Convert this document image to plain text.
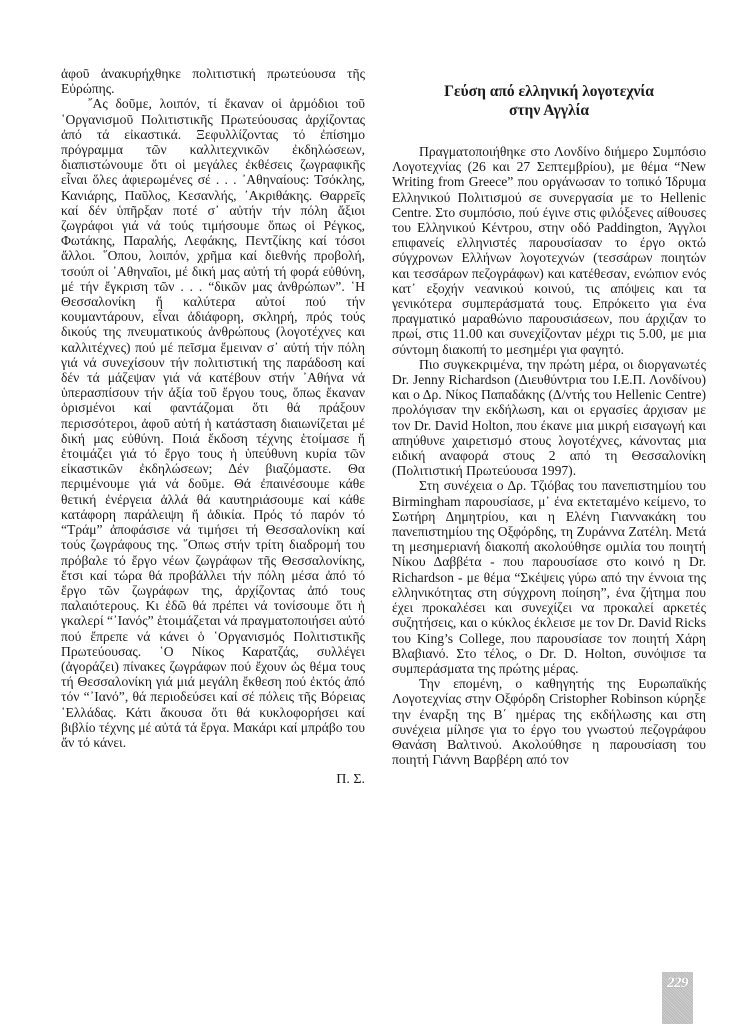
ἀφοῦ ἀνακυρήχθηκε πολιτιστική πρωτεύουσα τῆς Εὐρώπης.

῎Ας δοῦμε, λοιπόν, τί ἔκαναν οἱ ἁρμόδιοι τοῦ ῾Οργανισμοῦ Πολιτιστικῆς Πρωτεύουσας ἀρχίζοντας ἀπό τά εἰκαστικά. Ξεφυλλίζοντας τό ἐπίσημο πρόγραμμα τῶν καλλιτεχνικῶν ἐκδηλώσεων, διαπιστώνουμε ὅτι οἱ μεγάλες ἐκθέσεις ζωγραφικῆς εἶναι ὅλες ἀφιερωμένες σέ . . . ᾿Αθηναίους: Τσόκλης, Κανιάρης, Παῦλος, Κεσανλής, ᾿Ακριθάκης. Θαρρεῖς καί δέν ὑπῆρξαν ποτέ σ᾿ αὐτήν τήν πόλη ἄξιοι ζωγράφοι γιά νά τούς τιμήσουμε ὅπως οἱ Ρέγκος, Φωτάκης, Παραλής, Λεφάκης, Πεντζίκης καί τόσοι ἄλλοι. ῞Οπου, λοιπόν, χρῆμα καί διεθνής προβολή, τσούπ οἱ ᾿Αθηναῖοι, μέ δική μας αὐτή τή φορά εὐθύνη, μέ τήν ἔγκριση τῶν . . . “δικῶν μας ἀνθρώπων”. ῾Η Θεσσαλονίκη ἤ καλύτερα αὐτοί πού τήν κουμαντάρουν, εἶναι ἀδιάφορη, σκληρή, πρός τούς δικούς της πνευματικούς ἀνθρώπους (λογοτέχνες και καλλιτέχνες) πού μέ πεῖσμα ἔμειναν σ᾿ αὐτή τήν πόλη γιά νά συνεχίσουν τήν πολιτιστική της παράδοση καί δέν τά μάζεψαν γιά νά κατέβουν στήν ᾿Αθήνα νά ὑπερασπίσουν τήν ἀξία τοῦ ἔργου τους, ὅπως ἔκαναν ὁρισμένοι καί φαντάζομαι ὅτι θά πράξουν περισσότεροι, ἀφοῦ αὐτή ἡ κατάσταση διαιωνίζεται μέ δική μας εὐθύνη. Ποιά ἔκδοση τέχνης ἑτοίμασε ἤ ἑτοιμάζει γιά τό ἔργο τους ἡ ὑπεύθυνη κυρία τῶν εἰκαστικῶν ἐκδηλώσεων; Δέν βιαζόμαστε. Θα περιμένουμε γιά νά δοῦμε. Θά ἐπαινέσουμε κάθε θετική ἐνέργεια ἀλλά θά καυτηριάσουμε καί κάθε κατάφορη παράλειψη ἤ ἀδικία. Πρός τό παρόν τό “Τράμ” ἀποφάσισε νά τιμήσει τή Θεσσαλονίκη καί τούς ζωγράφους της. ῞Οπως στήν τρίτη διαδρομή του πρόβαλε τό ἔργο νέων ζωγράφων τῆς Θεσσαλονίκης, ἔτσι καί τώρα θά προβάλλει τήν πόλη μέσα ἀπό τό ἔργο τῶν ζωγράφων της, ἀρχίζοντας ἀπό τους παλαιότερους. Κι ἐδῶ θά πρέπει νά τονίσουμε ὅτι ἡ γκαλερί “᾿Ιανός” ἑτοιμάζεται νά πραγματοποιήσει αὐτό πού ἔπρεπε νά κάνει ὁ ῾Οργανισμός Πολιτιστικῆς Πρωτεύουσας. ῾Ο Νίκος Καρατζάς, συλλέγει (ἀγοράζει) πίνακες ζωγράφων πού ἔχουν ὡς θέμα τους τή Θεσσαλονίκη γιά μιά μεγάλη ἔκθεση πού ἐκτός ἀπό τόν “᾿Ιανό”, θά περιοδεύσει καί σέ πόλεις τῆς Βόρειας ῾Ελλάδας. Κάτι ἄκουσα ὅτι θά κυκλοφορήσει καί βιβλίο τέχνης μέ αὐτά τά ἔργα. Μακάρι καί μπράβο του ἄν τό κάνει.

Π. Σ.

Γεύση από ελληνική λογοτεχνία
στην Αγγλία

Πραγματοποιήθηκε στο Λονδίνο διήμερο Συμπόσιο Λογοτεχνίας (26 και 27 Σεπτεμβρίου), με θέμα “New Writing from Greece” που οργάνωσαν το τοπικό Ίδρυμα Ελληνικού Πολιτισμού σε συνεργασία με το Hellenic Centre. Στο συμπόσιο, πού έγινε στις φιλόξενες αίθουσες του Ελληνικού Κέντρου, στην οδό Paddington, Άγγλοι επιφανείς ελληνιστές παρουσίασαν το έργο οκτώ σύγχρονων Ελλήνων λογοτεχνών (τεσσάρων ποιητών και τεσσάρων πεζογράφων) και κατέθεσαν, ενώπιον ενός κατ᾿ εξοχήν νεανικού κοινού, τις απόψεις και τα γενικότερα συμπεράσματά τους. Επρόκειτο για ένα πραγματικό μαραθώνιο παρουσιάσεων, που άρχιζαν το πρωί, στις 11.00 και συνεχίζονταν μέχρι τις 5.00, με μια σύντομη διακοπή το μεσημέρι για φαγητό.

Πιο συγκεκριμένα, την πρώτη μέρα, οι διοργανωτές Dr. Jenny Richardson (Διευθύντρια του Ι.Ε.Π. Λονδίνου) και ο Δρ. Νίκος Παπαδάκης (Δ/ντής του Hellenic Centre) προλόγισαν την εκδήλωση, και οι εργασίες άρχισαν με τον Dr. David Holton, που έκανε μια μικρή εισαγωγή και απηύθυνε χαιρετισμό στους λογοτέχνες, κάνοντας μια ειδική αναφορά στους 2 από τη Θεσσαλονίκη (Πολιτιστική Πρωτεύουσα 1997).

Στη συνέχεια ο Δρ. Τζιόβας του πανεπιστημίου του Birmingham παρουσίασε, μ᾿ ένα εκτεταμένο κείμενο, το Σωτήρη Δημητρίου, και η Ελένη Γιαννακάκη του πανεπιστημίου της Οξφόρδης, τη Ζυράννα Ζατέλη. Μετά τη μεσημεριανή διακοπή ακολούθησε ομιλία του ποιητή Νίκου Δαββέτα - που παρουσίασε στο κοινό η Dr. Richardson - με θέμα “Σκέψεις γύρω από την έννοια της ελληνικότητας στη σύγχρονη ποίηση”, ένα ζήτημα που έχει προκαλέσει και συνεχίζει να προκαλεί αρκετές συζητήσεις, και ο κύκλος έκλεισε με τον Dr. David Ricks του King’s College, που παρουσίασε τον ποιητή Χάρη Βλαβιανό. Στο τέλος, ο Dr. D. Holton, συνόψισε τα συμπεράσματα της πρώτης μέρας.

Την επομένη, ο καθηγητής της Ευρωπαϊκής Λογοτεχνίας στην Οξφόρδη Cristopher Robinson κύρηξε την έναρξη της Β΄ ημέρας της εκδήλωσης και στη συνέχεια μίλησε για το έργο του γνωστού πεζογράφου Θανάση Βαλτινού. Ακολούθησε η παρουσίαση του ποιητή Γιάννη Βαρβέρη από τον

229
